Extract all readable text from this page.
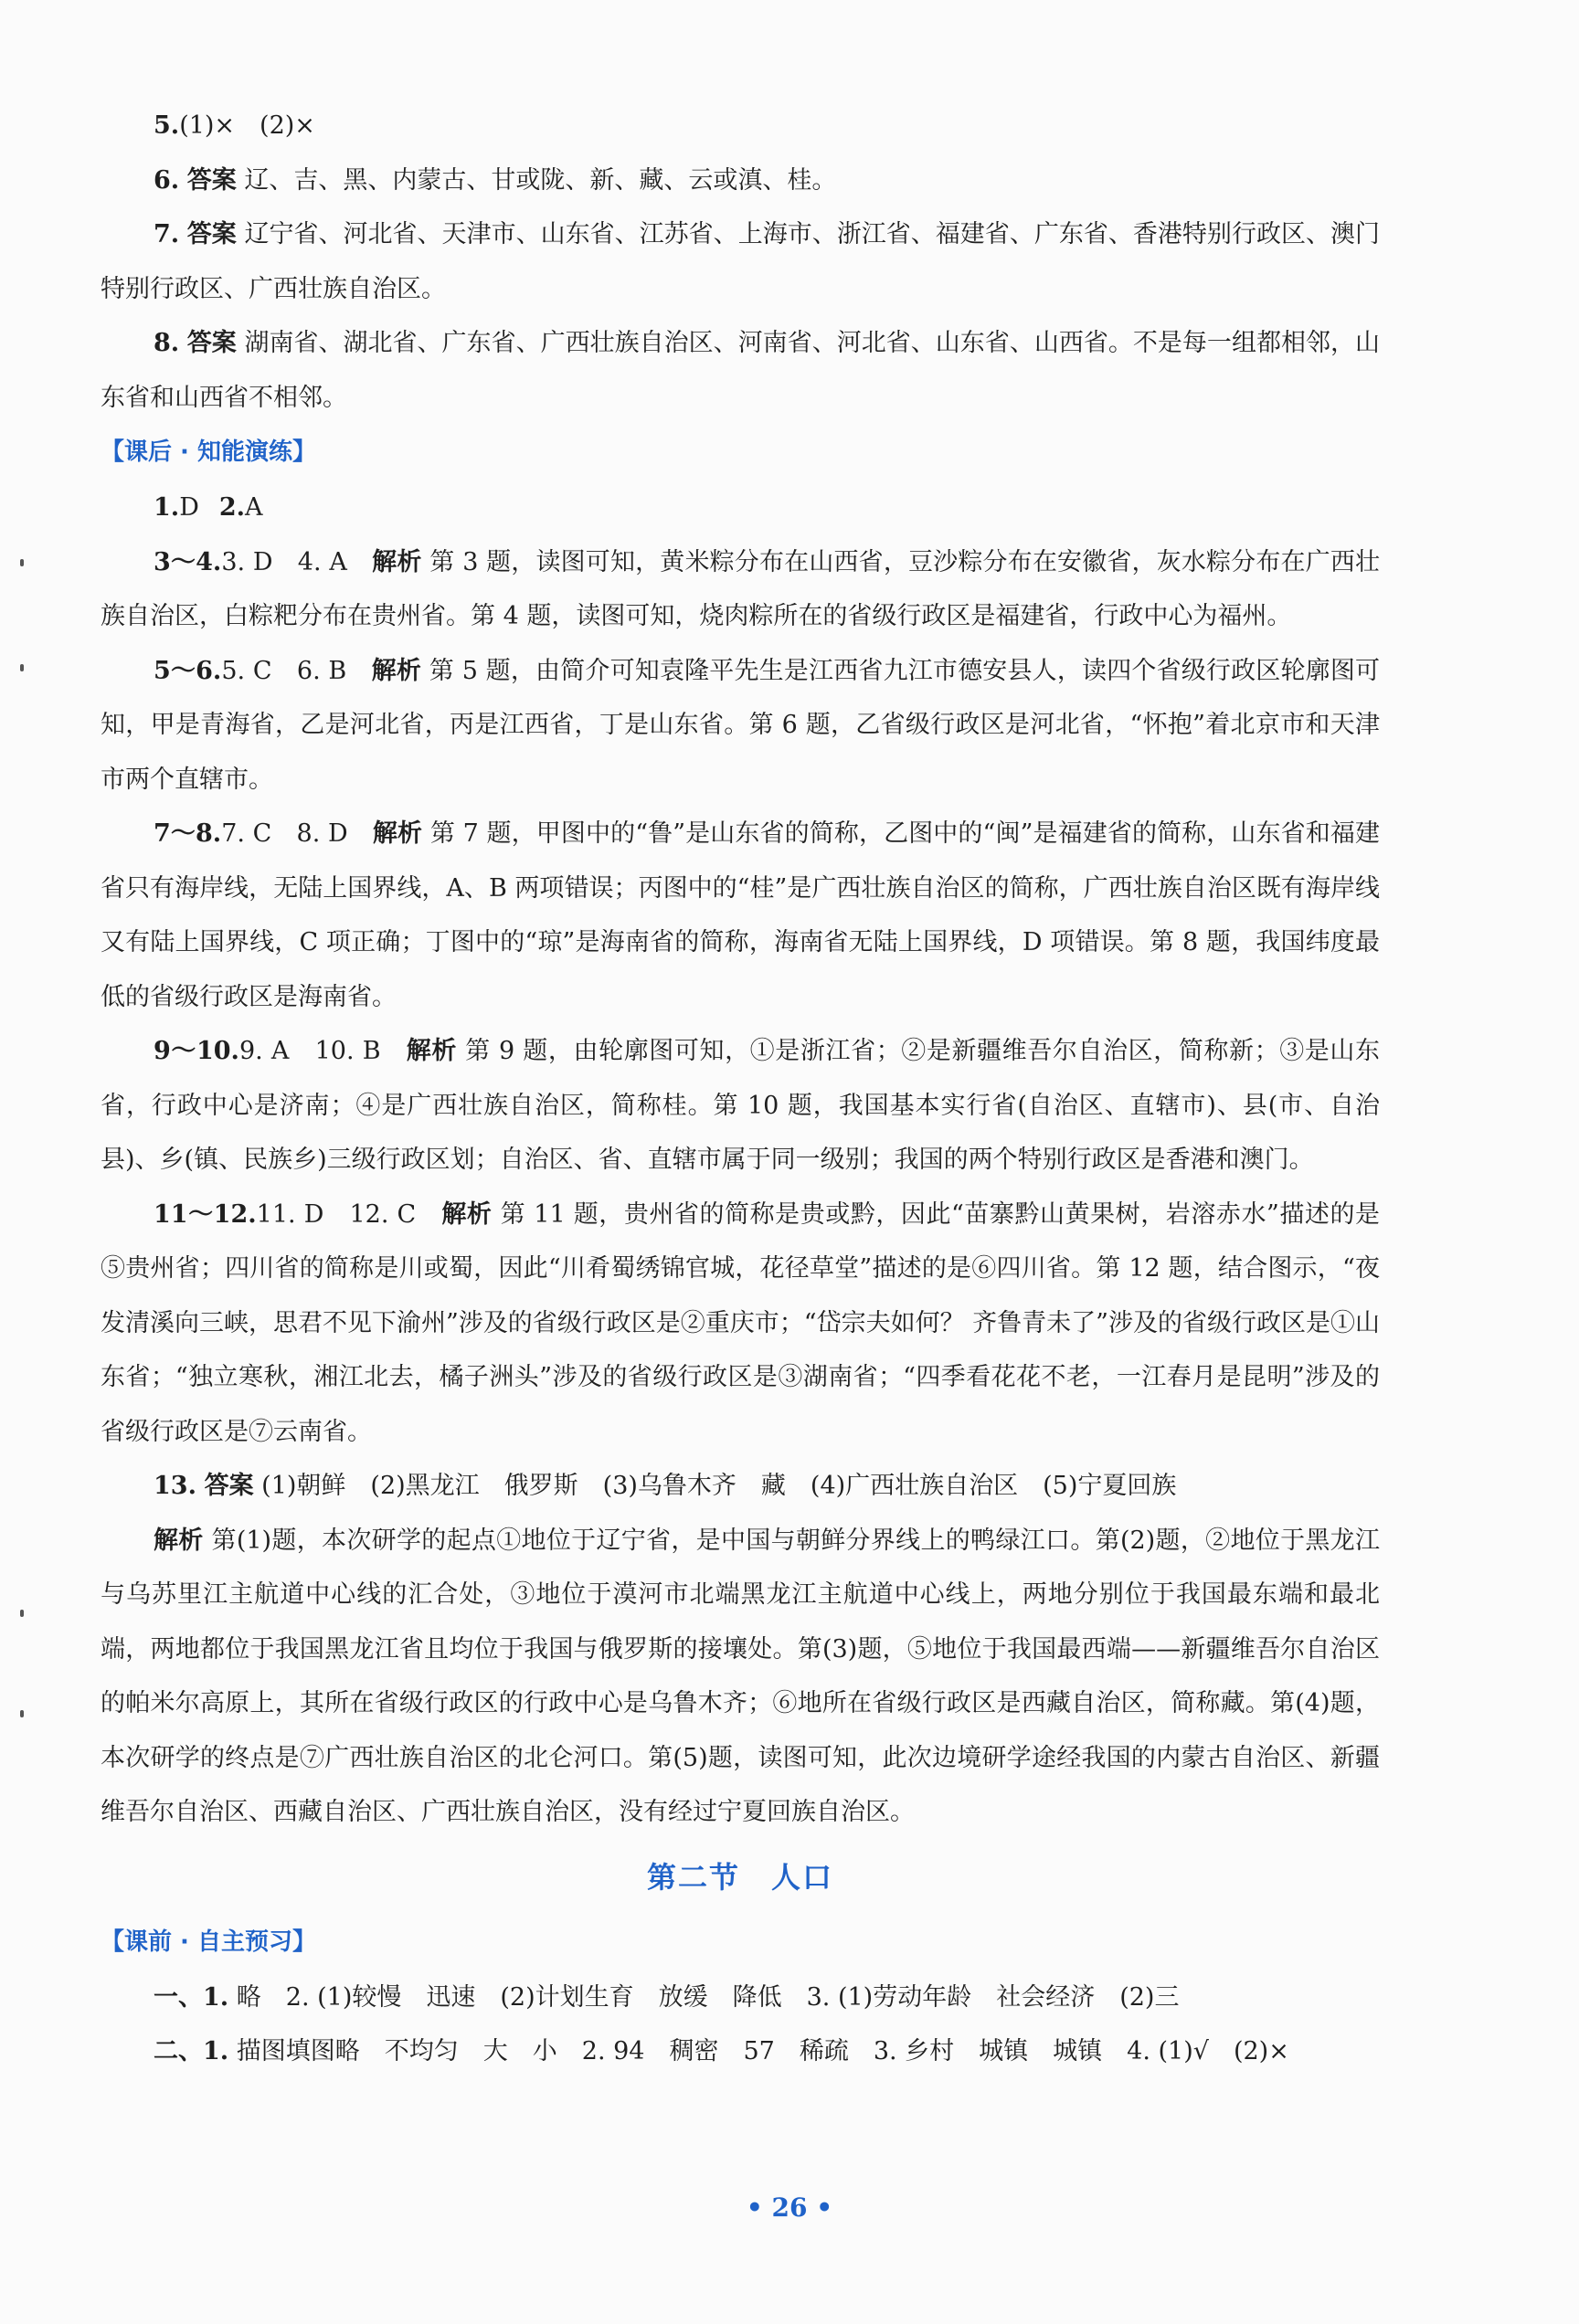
5.(1)×　(2)×

6. 答案 辽、吉、黑、内蒙古、甘或陇、新、藏、云或滇、桂。

7. 答案 辽宁省、河北省、天津市、山东省、江苏省、上海市、浙江省、福建省、广东省、香港特别行政区、澳门特别行政区、广西壮族自治区。

8. 答案 湖南省、湖北省、广东省、广西壮族自治区、河南省、河北省、山东省、山西省。不是每一组都相邻，山东省和山西省不相邻。

【课后 · 知能演练】

1.D 2.A

3～4.3. D　4. A　 解析 第 3 题，读图可知，黄米粽分布在山西省，豆沙粽分布在安徽省，灰水粽分布在广西壮族自治区，白粽粑分布在贵州省。第 4 题，读图可知，烧肉粽所在的省级行政区是福建省，行政中心为福州。

5～6.5. C　6. B　 解析 第 5 题，由简介可知袁隆平先生是江西省九江市德安县人，读四个省级行政区轮廓图可知，甲是青海省，乙是河北省，丙是江西省，丁是山东省。第 6 题，乙省级行政区是河北省，“怀抱”着北京市和天津市两个直辖市。

7～8.7. C　8. D　 解析 第 7 题，甲图中的“鲁”是山东省的简称，乙图中的“闽”是福建省的简称，山东省和福建省只有海岸线，无陆上国界线，A、B 两项错误；丙图中的“桂”是广西壮族自治区的简称，广西壮族自治区既有海岸线又有陆上国界线，C 项正确；丁图中的“琼”是海南省的简称，海南省无陆上国界线，D 项错误。第 8 题，我国纬度最低的省级行政区是海南省。

9～10.9. A　10. B　 解析 第 9 题，由轮廓图可知，①是浙江省；②是新疆维吾尔自治区，简称新；③是山东省，行政中心是济南；④是广西壮族自治区，简称桂。第 10 题，我国基本实行省(自治区、直辖市)、县(市、自治县)、乡(镇、民族乡)三级行政区划；自治区、省、直辖市属于同一级别；我国的两个特别行政区是香港和澳门。

11～12.11. D　12. C　 解析 第 11 题，贵州省的简称是贵或黔，因此“苗寨黔山黄果树，岩溶赤水”描述的是⑤贵州省；四川省的简称是川或蜀，因此“川肴蜀绣锦官城，花径草堂”描述的是⑥四川省。第 12 题，结合图示，“夜发清溪向三峡，思君不见下渝州”涉及的省级行政区是②重庆市；“岱宗夫如何？ 齐鲁青未了”涉及的省级行政区是①山东省；“独立寒秋，湘江北去，橘子洲头”涉及的省级行政区是③湖南省；“四季看花花不老，一江春月是昆明”涉及的省级行政区是⑦云南省。

13. 答案 (1)朝鲜　(2)黑龙江　俄罗斯　(3)乌鲁木齐　藏　(4)广西壮族自治区　(5)宁夏回族

解析 第(1)题，本次研学的起点①地位于辽宁省，是中国与朝鲜分界线上的鸭绿江口。第(2)题，②地位于黑龙江与乌苏里江主航道中心线的汇合处，③地位于漠河市北端黑龙江主航道中心线上，两地分别位于我国最东端和最北端，两地都位于我国黑龙江省且均位于我国与俄罗斯的接壤处。第(3)题，⑤地位于我国最西端——新疆维吾尔自治区的帕米尔高原上，其所在省级行政区的行政中心是乌鲁木齐；⑥地所在省级行政区是西藏自治区，简称藏。第(4)题，本次研学的终点是⑦广西壮族自治区的北仑河口。第(5)题，读图可知，此次边境研学途经我国的内蒙古自治区、新疆维吾尔自治区、西藏自治区、广西壮族自治区，没有经过宁夏回族自治区。

第二节　人口

【课前 · 自主预习】

一、1. 略　 2. (1)较慢　迅速　(2)计划生育　放缓　降低　3. (1)劳动年龄　社会经济　(2)三

二、1. 描图填图略　不均匀　大　小　 2. 94　稠密　57　稀疏　3. 乡村　城镇　城镇　4. (1)√　(2)×

• 26 •
